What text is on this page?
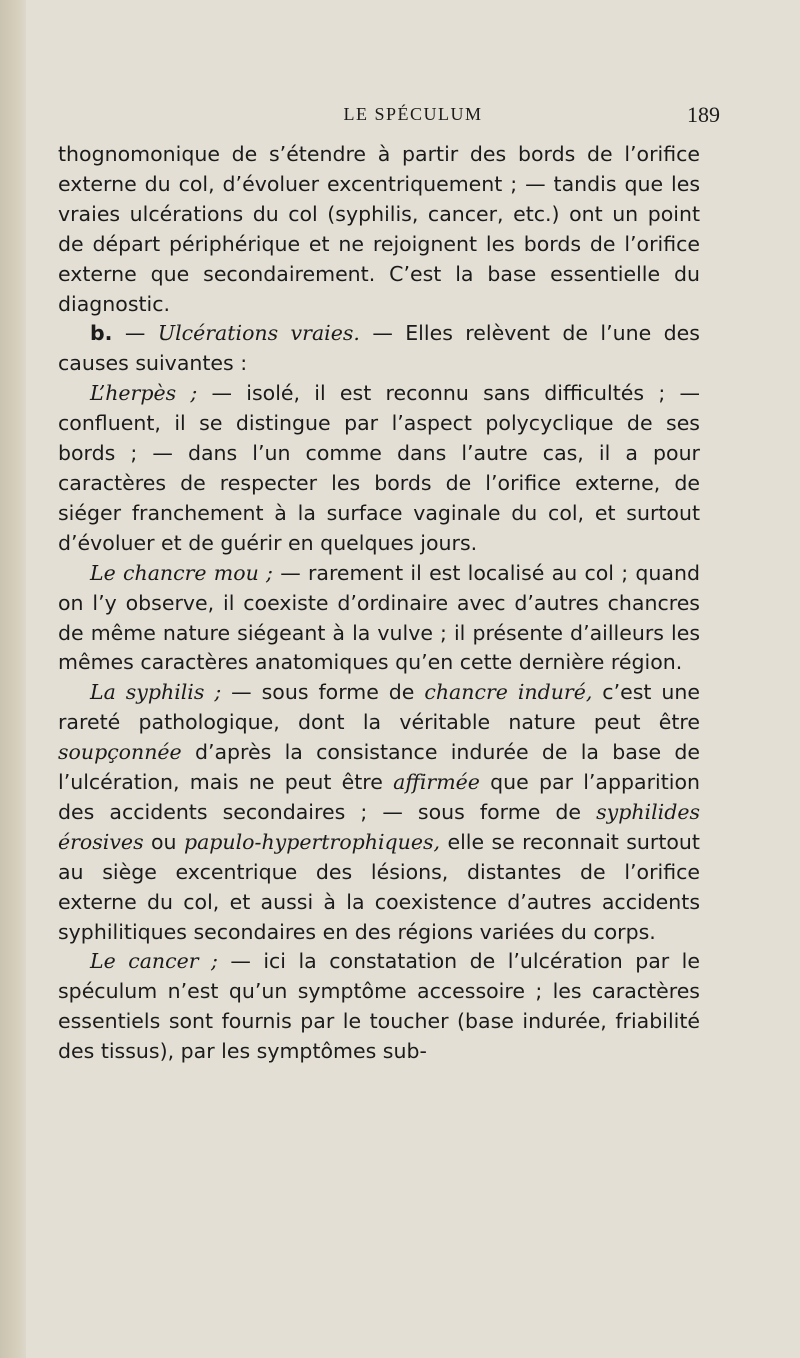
LE SPÉCULUM	189

thognomonique de s’étendre à partir des bords de l’orifice externe du col, d’évoluer excentriquement ; — tandis que les vraies ulcérations du col (syphilis, cancer, etc.) ont un point de départ périphérique et ne rejoignent les bords de l’orifice externe que secondairement. C’est la base essentielle du diagnostic.

b. — Ulcérations vraies. — Elles relèvent de l’une des causes suivantes :

L’herpès ; — isolé, il est reconnu sans difficultés ; — confluent, il se distingue par l’aspect polycyclique de ses bords ; — dans l’un comme dans l’autre cas, il a pour caractères de respecter les bords de l’orifice externe, de siéger franchement à la surface vaginale du col, et surtout d’évoluer et de guérir en quelques jours.

Le chancre mou ; — rarement il est localisé au col ; quand on l’y observe, il coexiste d’ordinaire avec d’autres chancres de même nature siégeant à la vulve ; il présente d’ailleurs les mêmes caractères anatomiques qu’en cette dernière région.

La syphilis ; — sous forme de chancre induré, c’est une rareté pathologique, dont la véritable nature peut être soupçonnée d’après la consistance indurée de la base de l’ulcération, mais ne peut être affirmée que par l’apparition des accidents secondaires ; — sous forme de syphilides érosives ou papulo-hypertrophiques, elle se reconnait surtout au siège excentrique des lésions, distantes de l’orifice externe du col, et aussi à la coexistence d’autres accidents syphilitiques secondaires en des régions variées du corps.

Le cancer ; — ici la constatation de l’ulcération par le spéculum n’est qu’un symptôme accessoire ; les caractères essentiels sont fournis par le toucher (base indurée, friabilité des tissus), par les symptômes sub-
